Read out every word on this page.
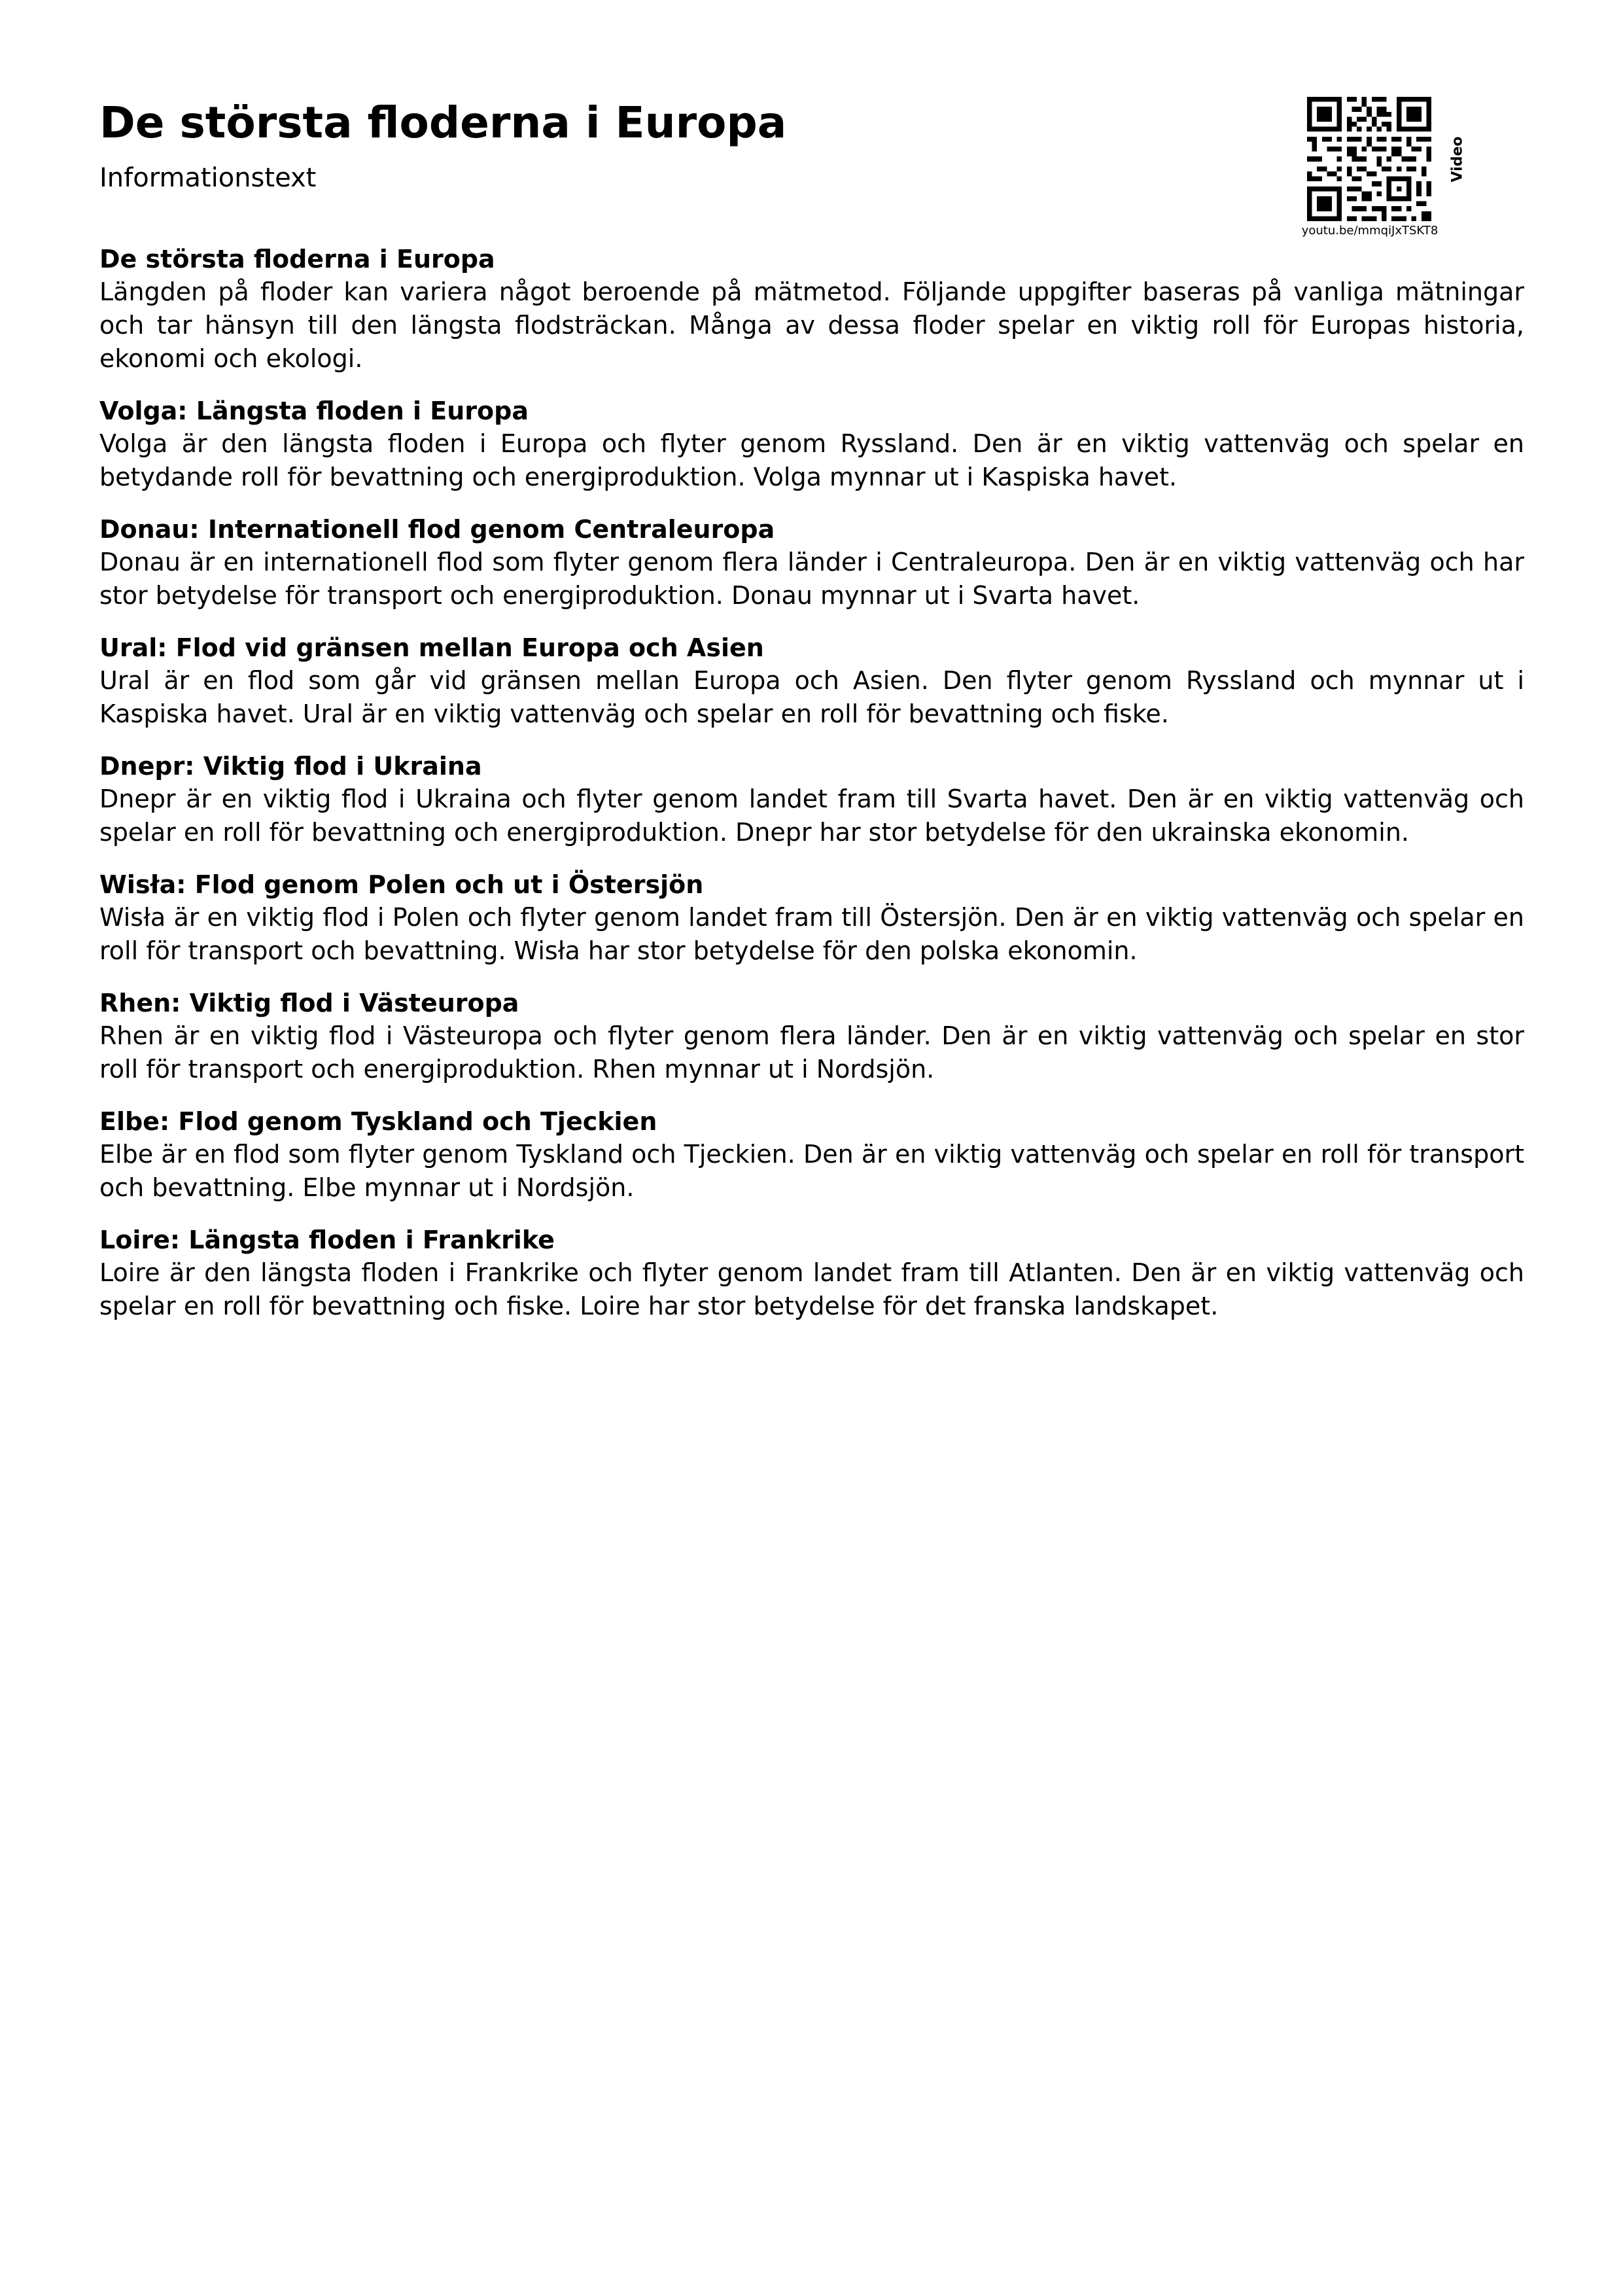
De största floderna i Europa

Informationstext	Video
youtu.be/mmqiJxTSKT8
De största floderna i Europa

Längden på floder kan variera något beroende på mätmetod. Följande uppgifter baseras på vanliga mätningar och tar hänsyn till den längsta flodsträckan. Många av dessa floder spelar en viktig roll för Europas historia, ekonomi och ekologi.

Volga: Längsta floden i Europa

Volga är den längsta floden i Europa och flyter genom Ryssland. Den är en viktig vattenväg och spelar en betydande roll för bevattning och energiproduktion. Volga mynnar ut i Kaspiska havet.

Donau: Internationell flod genom Centraleuropa

Donau är en internationell flod som flyter genom flera länder i Centraleuropa. Den är en viktig vattenväg och har stor betydelse för transport och energiproduktion. Donau mynnar ut i Svarta havet.

Ural: Flod vid gränsen mellan Europa och Asien

Ural är en flod som går vid gränsen mellan Europa och Asien. Den flyter genom Ryssland och mynnar ut i Kaspiska havet. Ural är en viktig vattenväg och spelar en roll för bevattning och fiske.

Dnepr: Viktig flod i Ukraina

Dnepr är en viktig flod i Ukraina och flyter genom landet fram till Svarta havet. Den är en viktig vattenväg och spelar en roll för bevattning och energiproduktion. Dnepr har stor betydelse för den ukrainska ekonomin.

Wisła: Flod genom Polen och ut i Östersjön

Wisła är en viktig flod i Polen och flyter genom landet fram till Östersjön. Den är en viktig vattenväg och spelar en roll för transport och bevattning. Wisła har stor betydelse för den polska ekonomin.

Rhen: Viktig flod i Västeuropa

Rhen är en viktig flod i Västeuropa och flyter genom flera länder. Den är en viktig vattenväg och spelar en stor roll för transport och energiproduktion. Rhen mynnar ut i Nordsjön.

Elbe: Flod genom Tyskland och Tjeckien

Elbe är en flod som flyter genom Tyskland och Tjeckien. Den är en viktig vattenväg och spelar en roll för transport och bevattning. Elbe mynnar ut i Nordsjön.

Loire: Längsta floden i Frankrike

Loire är den längsta floden i Frankrike och flyter genom landet fram till Atlanten. Den är en viktig vattenväg och spelar en roll för bevattning och fiske. Loire har stor betydelse för det franska landskapet.
